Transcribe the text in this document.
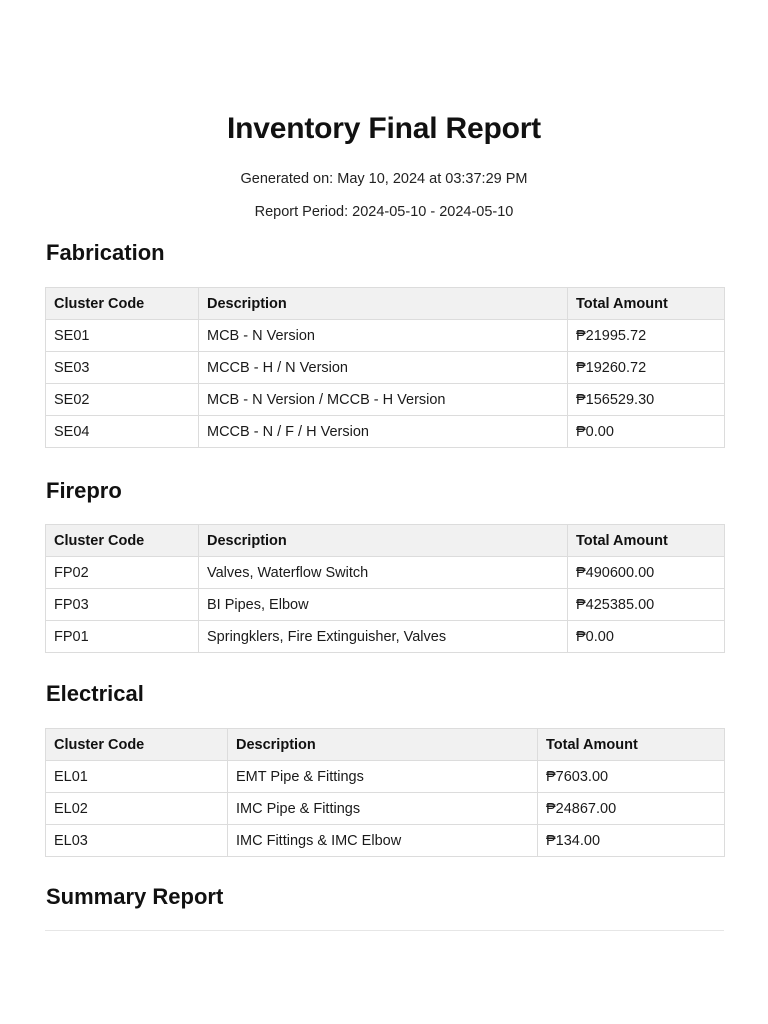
Inventory Final Report
Generated on: May 10, 2024 at 03:37:29 PM
Report Period: 2024-05-10 - 2024-05-10
Fabrication
Cluster Code	Description	Total Amount
SE01	MCB - N Version	₱21995.72
SE03	MCCB - H / N Version	₱19260.72
SE02	MCB - N Version / MCCB - H Version	₱156529.30
SE04	MCCB - N / F / H Version	₱0.00
Firepro
Cluster Code	Description	Total Amount
FP02	Valves, Waterflow Switch	₱490600.00
FP03	BI Pipes, Elbow	₱425385.00
FP01	Springklers, Fire Extinguisher, Valves	₱0.00
Electrical
Cluster Code	Description	Total Amount
EL01	EMT Pipe & Fittings	₱7603.00
EL02	IMC Pipe & Fittings	₱24867.00
EL03	IMC Fittings & IMC Elbow	₱134.00
Summary Report
